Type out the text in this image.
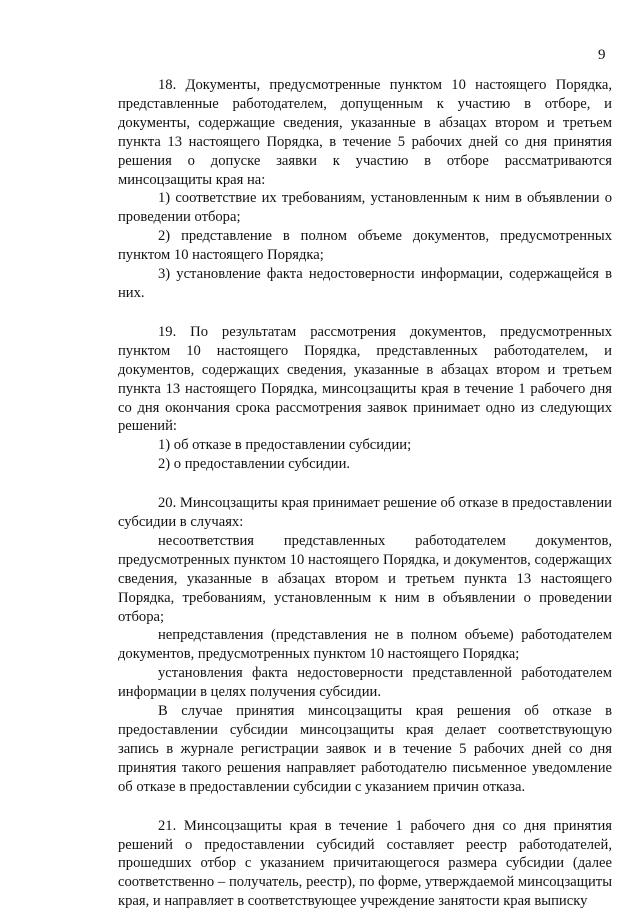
9

18. Документы, предусмотренные пунктом 10 настоящего Порядка, представленные работодателем, допущенным к участию в отборе, и документы, содержащие сведения, указанные в абзацах втором и третьем пункта 13 настоящего Порядка, в течение 5 рабочих дней со дня принятия решения о допуске заявки к участию в отборе рассматриваются минсоцзащиты края на:

1) соответствие их требованиям, установленным к ним в объявлении о проведении отбора;

2) представление в полном объеме документов, предусмотренных пунктом 10 настоящего Порядка;

3) установление факта недостоверности информации, содержащейся в них.

19. По результатам рассмотрения документов, предусмотренных пунктом 10 настоящего Порядка, представленных работодателем, и документов, содержащих сведения, указанные в абзацах втором и третьем пункта 13 настоящего Порядка, минсоцзащиты края в течение 1 рабочего дня со дня окончания срока рассмотрения заявок принимает одно из следующих решений:

1) об отказе в предоставлении субсидии;

2) о предоставлении субсидии.

20. Минсоцзащиты края принимает решение об отказе в предоставлении субсидии в случаях:

несоответствия представленных работодателем документов, предусмотренных пунктом 10 настоящего Порядка, и документов, содержащих сведения, указанные в абзацах втором и третьем пункта 13 настоящего Порядка, требованиям, установленным к ним в объявлении о проведении отбора;

непредставления (представления не в полном объеме) работодателем документов, предусмотренных пунктом 10 настоящего Порядка;

установления факта недостоверности представленной работодателем информации в целях получения субсидии.

В случае принятия минсоцзащиты края решения об отказе в предоставлении субсидии минсоцзащиты края делает соответствующую запись в журнале регистрации заявок и в течение 5 рабочих дней со дня принятия такого решения направляет работодателю письменное уведомление об отказе в предоставлении субсидии с указанием причин отказа.

21. Минсоцзащиты края в течение 1 рабочего дня со дня принятия решений о предоставлении субсидий составляет реестр работодателей, прошедших отбор с указанием причитающегося размера субсидии (далее соответственно – получатель, реестр), по форме, утверждаемой минсоцзащиты края, и направляет в соответствующее учреждение занятости края выписку
